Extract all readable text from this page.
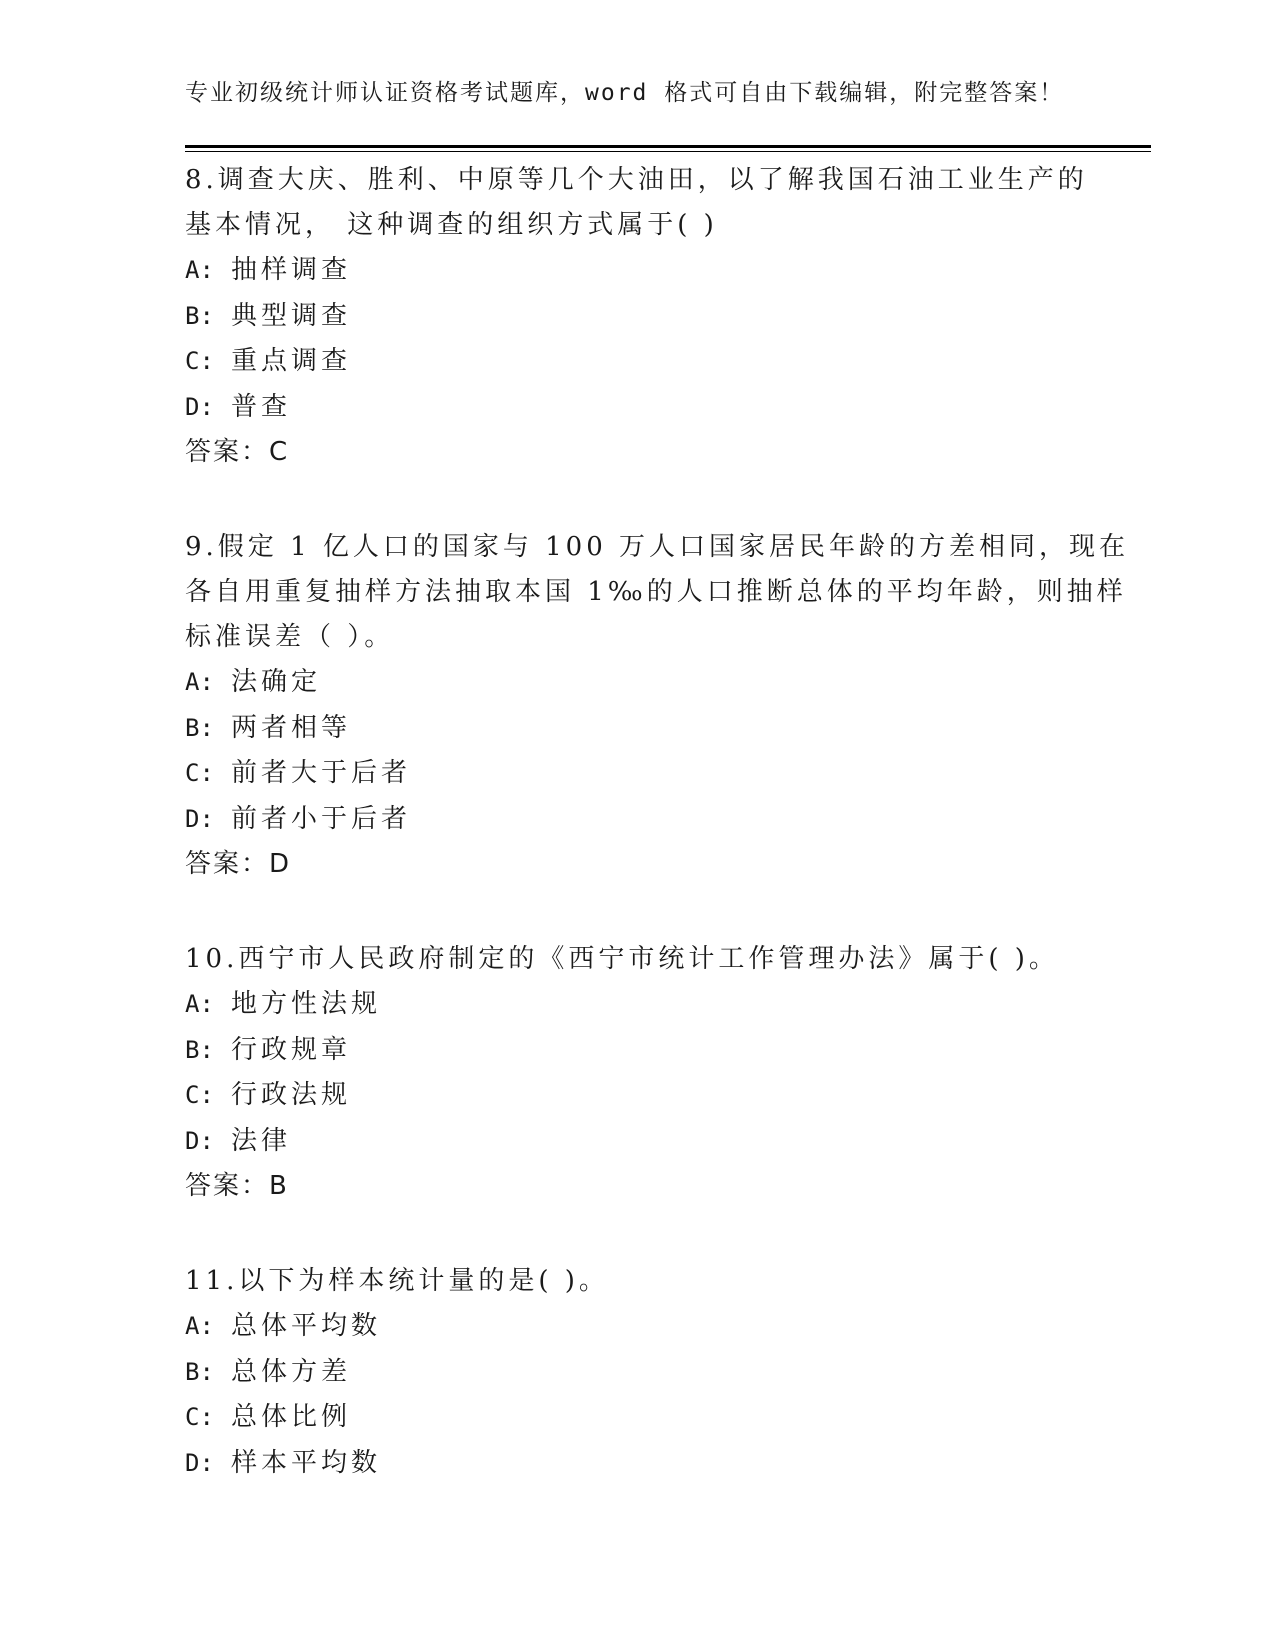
专业初级统计师认证资格考试题库，word 格式可自由下载编辑，附完整答案！
8.调查大庆、胜利、中原等几个大油田，以了解我国石油工业生产的
基本情况， 这种调查的组织方式属于( )
A: 抽样调查
B: 典型调查
C: 重点调查
D: 普查
答案：C
9.假定 1 亿人口的国家与 100 万人口国家居民年龄的方差相同，现在
各自用重复抽样方法抽取本国 1‰的人口推断总体的平均年龄，则抽样
标准误差（ ）。
A: 法确定
B: 两者相等
C: 前者大于后者
D: 前者小于后者
答案：D
10.西宁市人民政府制定的《西宁市统计工作管理办法》属于( )。
A: 地方性法规
B: 行政规章
C: 行政法规
D: 法律
答案：B
11.以下为样本统计量的是( )。
A: 总体平均数
B: 总体方差
C: 总体比例
D: 样本平均数
